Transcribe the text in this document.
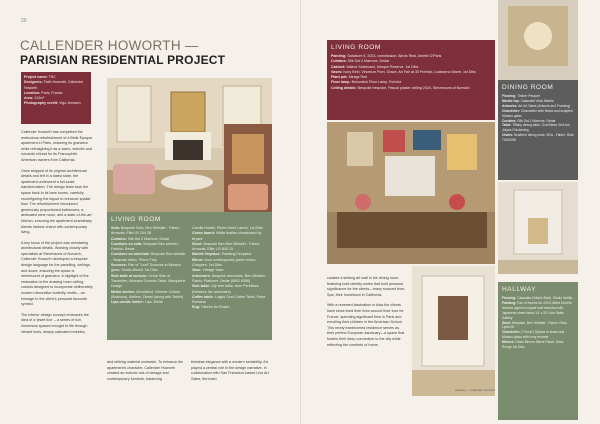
20
CALLENDER HOWORTH —
PARISIAN RESIDENTIAL PROJECT
Project name: TBC
Designers: Faith Howorth, Callender Howorth
Location: Paris, France
Area: 310m²
Photography credit: Vigo Jenssen

Callender Howorth has completed the meticulous refurbishment of a Belle Époque apartment in Paris, restoring its grandeur while reimagining it as a warm, eclectic and romantic retreat for its Francophile American owners from California.

Once stripped of its original architectural details and left in a dated state, the apartment underwent a full-scale transformation. The design team took the space back to its bare bones, carefully reconfiguring the layout to enhance spatial flow. The refurbishment introduced generously proportioned bathrooms, a dedicated wine room, and a state-of-the-art kitchen, ensuring the apartment seamlessly blends historic charm with contemporary living.

A key focus of the project was reinstating architectural details. Working closely with specialists at Stevensons of Norwich, Callender Howorth developed a bespoke design language for the panelling, ceilings, and doors, ensuring the space is reminiscent of grandeur. A highlight of the restoration is the drawing room ceiling, custom-designed to incorporate deliberately modern decorative butterfly motifs – an homage to the client's personal favourite symbol.

The interior design concept embraces the idea of a 'jewel box' – a series of rich, immersive spaces brought to life through vibrant hues, deeply saturated marbles,

LIVING ROOM
Sofa: Bespoke Sofa, Ben Whistler - Fabric: Armonia, Elite LR 244 28
Curtains: Silk Dot 2 Marrone, Dedar
Cushions on sofa: Bespoke Ben whistler - Fabrics: Dedar
Cushions on armchair: Bespoke Ben whistler - Bespoke fabric, Pierre Frey
Sconces: Pair of "Leaf" Sconces in Murano glass, Studio Biondi, 1st Dibs
Side table at sunsdo: Ochre Side of Travertine, Arkwave Console Table, Marquetrie Design
Media stories: Woodshed, Kimmer Culture (Bolshoia), Ateliers, Diesel (along with Tablet)
Lips candle holder: Lips, White
Candle Holder, Pierre-Henri Lanvin, 1st Dibs
Chess board: White leather chessboard by Bryant
Stool: Bespoke Ben Ben Whistler - Fabric: Armonia, Elite, LR 840 15
Marble fireplace: Eastlong Fireplace
Mirror: Arco contemporary green mirror, Gueguen, 1st Dibs
Vase: Vintage Vase
Armchairs: Bespoke armchairs, Ben Whistler - Fabric: Platinum, Dedar (8601 6356)
Side table: Lily side table, from Perellises (between the armchairs)
Coffee table: Luigini Oval Coffee Table, Porta Romana
Rug: Fabrics for Rosch
and striking material contrasts. To enhance the apartment's character, Callender Howorth created an eclectic mix of vintage and contemporary furniture, balancing
timeless elegance with a modern sensibility. Art played a central role in the design narrative. In collaboration with San Francisco-based Live Art Sales, the team
LIVING ROOM
Painting: Salvatore Ii, 2023, commission, Alexis Real, Amelie D'Paris
Curtains: Silk Dot 2 Marrone, Dedar
Cabinet: Walnut Sideboard, Marque Reserve, 1st Dibs
Vases: Ivory Kiriri, Vincenzo Porri, Grace, Art Fair at 30 Portrait, Louisrarno Marre, 1st Dibs
Plant pot: Mirage Red
Floor lamp: Bronzwick Floor Lamp, Ecrivira
Ceiling details: Bespoke bespoke, Pascal plaster ceiling 2024, Stevensons of Norwich	DINING ROOM
Flooring: Timber Parquet
Marble top: Calacatta Viola Marble
Artworks: Art Art Sales (Artwork and Framing)
Chandelier: Chandelier with Brass and sculpted Murano glass
Curtains: Silk Dot 2 Marrone, Dedar
Table: Tiffany dining table, Oval Beau Vert Arc, Jolyes Chickenleg
Chairs: Bradfern dining chair, SKA - Fabric: Stria 7042/098
HALLWAY
Flooring: Calacatta Golden Brick, Studio Nofilla
Painting: Pair of frames for 2023, Aftert Dubetti dreams pigment copper leaf mounted with Japanese sheet fabric 1/1 x 2/2 Live Sales Gallery
Stool: Bespoke, Ben Whistler - Fabric: Elisa Lydia 90
Chandelier: ("Orma") Spirare in brass and Murano glass with ivory enamel
Mirrors: Glass Mirrors Mirror Panel, Jules Rouge 1st Dibs

curated a striking art wall in the dining room, featuring bold identity works that hold personal significance for the clients—many sourced from Spa, their hometown in California.

With a renewed fascination in Asia the clients have since lived their lives around their love for France, spending significant time in Paris and enrolling their children in the American School. This newly transformed residence serves as their perfect European sanctuary—a space that fosters their deep connection to the city while reflecting the comforts of home.

Hallway — Callender Howorth
